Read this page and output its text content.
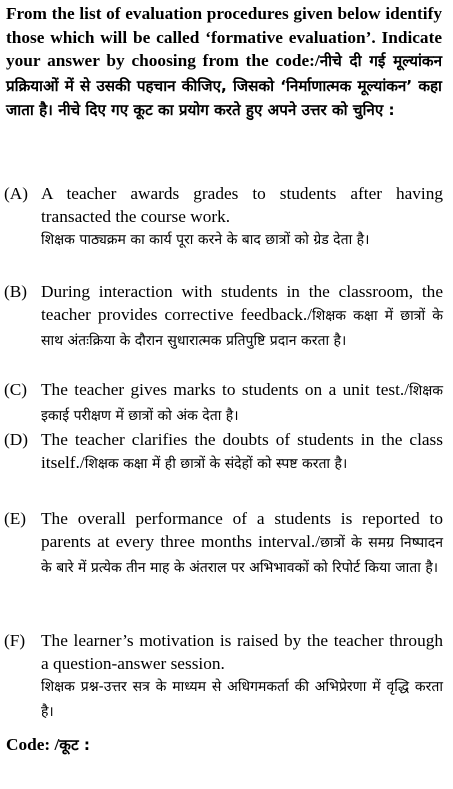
From the list of evaluation procedures given below identify those which will be called ‘formative evaluation’. Indicate your answer by choosing from the code:/नीचे दी गई मूल्यांकन प्रक्रियाओं में से उसकी पहचान कीजिए, जिसको ‘निर्माणात्मक मूल्यांकन’ कहा जाता है। नीचे दिए गए कूट का प्रयोग करते हुए अपने उत्तर को चुनिए :

(A) A teacher awards grades to students after having transacted the course work.
शिक्षक पाठ्यक्रम का कार्य पूरा करने के बाद छात्रों को ग्रेड देता है।
(B) During interaction with students in the classroom, the teacher provides corrective feedback./शिक्षक कक्षा में छात्रों के साथ अंतःक्रिया के दौरान सुधारात्मक प्रतिपुष्टि प्रदान करता है।
(C) The teacher gives marks to students on a unit test./शिक्षक इकाई परीक्षण में छात्रों को अंक देता है।
(D) The teacher clarifies the doubts of students in the class itself./शिक्षक कक्षा में ही छात्रों के संदेहों को स्पष्ट करता है।
(E) The overall performance of a students is reported to parents at every three months interval./छात्रों के समग्र निष्पादन के बारे में प्रत्येक तीन माह के अंतराल पर अभिभावकों को रिपोर्ट किया जाता है।
(F) The learner’s motivation is raised by the teacher through a question-answer session.
शिक्षक प्रश्न-उत्तर सत्र के माध्यम से अधिगमकर्ता की अभिप्रेरणा में वृद्धि करता है।
Code: /कूट :
